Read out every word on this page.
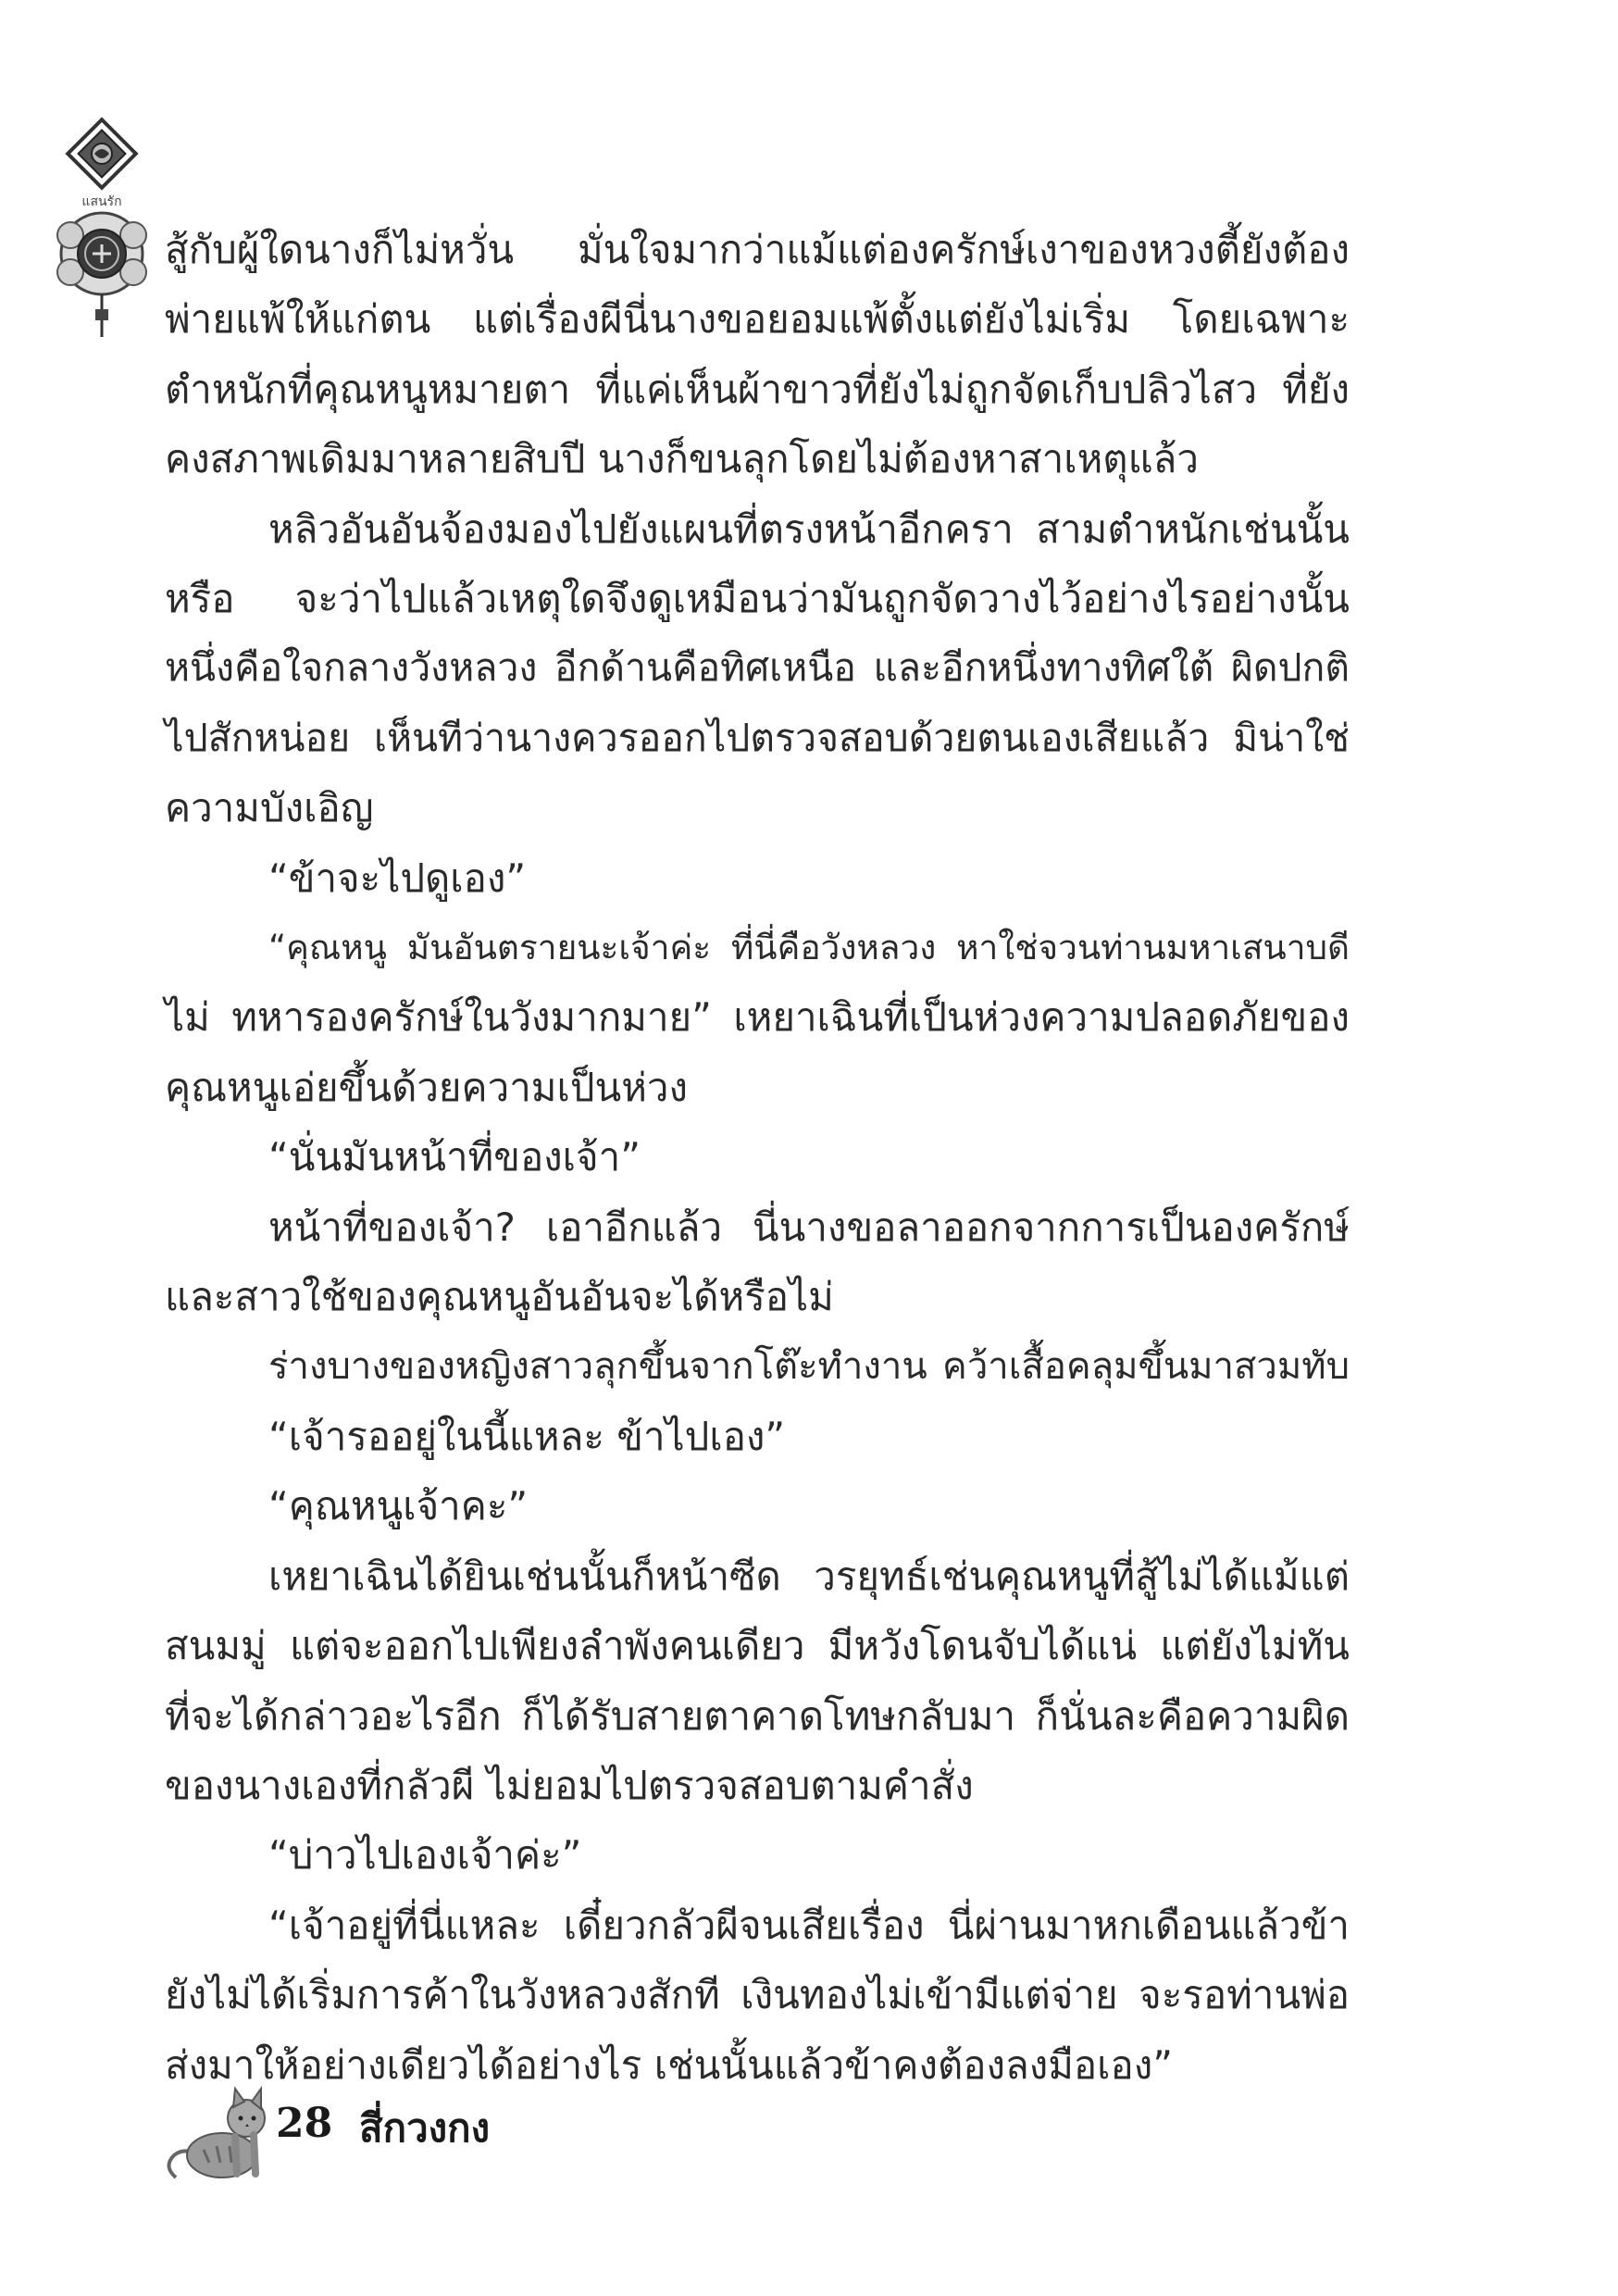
แสนรัก
สู้กับผู้ใดนางก็ไม่หวั่น มั่นใจมากว่าแม้แต่องครักษ์เงาของหวงตี้ยังต้อง
พ่ายแพ้ให้แก่ตน แต่เรื่องผีนี่นางขอยอมแพ้ตั้งแต่ยังไม่เริ่ม โดยเฉพาะ
ตำหนักที่คุณหนูหมายตา ที่แค่เห็นผ้าขาวที่ยังไม่ถูกจัดเก็บปลิวไสว ที่ยัง
คงสภาพเดิมมาหลายสิบปี นางก็ขนลุกโดยไม่ต้องหาสาเหตุแล้ว
หลิวอันอันจ้องมองไปยังแผนที่ตรงหน้าอีกครา สามตำหนักเช่นนั้น
หรือ จะว่าไปแล้วเหตุใดจึงดูเหมือนว่ามันถูกจัดวางไว้อย่างไรอย่างนั้น
หนึ่งคือใจกลางวังหลวง อีกด้านคือทิศเหนือ และอีกหนึ่งทางทิศใต้ ผิดปกติ
ไปสักหน่อย เห็นทีว่านางควรออกไปตรวจสอบด้วยตนเองเสียแล้ว มิน่าใช่
ความบังเอิญ
“ข้าจะไปดูเอง”
“คุณหนู มันอันตรายนะเจ้าค่ะ ที่นี่คือวังหลวง หาใช่จวนท่านมหาเสนาบดี
ไม่ ทหารองครักษ์ในวังมากมาย” เหยาเฉินที่เป็นห่วงความปลอดภัยของ
คุณหนูเอ่ยขึ้นด้วยความเป็นห่วง
“นั่นมันหน้าที่ของเจ้า”
หน้าที่ของเจ้า? เอาอีกแล้ว นี่นางขอลาออกจากการเป็นองครักษ์
และสาวใช้ของคุณหนูอันอันจะได้หรือไม่
ร่างบางของหญิงสาวลุกขึ้นจากโต๊ะทำงาน คว้าเสื้อคลุมขึ้นมาสวมทับ
“เจ้ารออยู่ในนี้แหละ ข้าไปเอง”
“คุณหนูเจ้าคะ”
เหยาเฉินได้ยินเช่นนั้นก็หน้าซีด วรยุทธ์เช่นคุณหนูที่สู้ไม่ได้แม้แต่
สนมมู่ แต่จะออกไปเพียงลำพังคนเดียว มีหวังโดนจับได้แน่ แต่ยังไม่ทัน
ที่จะได้กล่าวอะไรอีก ก็ได้รับสายตาคาดโทษกลับมา ก็นั่นละคือความผิด
ของนางเองที่กลัวผี ไม่ยอมไปตรวจสอบตามคำสั่ง
“บ่าวไปเองเจ้าค่ะ”
“เจ้าอยู่ที่นี่แหละ เดี๋ยวกลัวผีจนเสียเรื่อง นี่ผ่านมาหกเดือนแล้วข้า
ยังไม่ได้เริ่มการค้าในวังหลวงสักที เงินทองไม่เข้ามีแต่จ่าย จะรอท่านพ่อ
ส่งมาให้อย่างเดียวได้อย่างไร เช่นนั้นแล้วข้าคงต้องลงมือเอง”
28 สี่กวงกง
